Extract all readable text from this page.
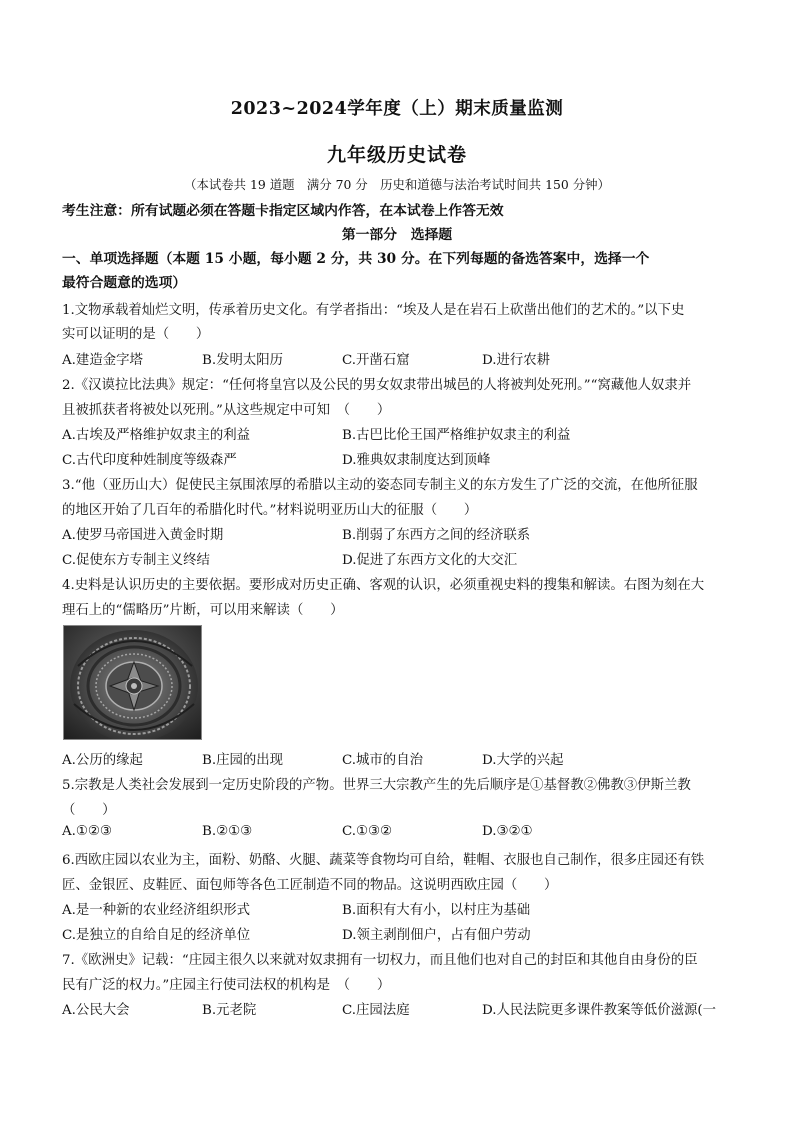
2023~2024学年度（上）期末质量监测
九年级历史试卷
（本试卷共 19 道题　满分 70 分　历史和道德与法治考试时间共 150 分钟）
考生注意：所有试题必须在答题卡指定区域内作答，在本试卷上作答无效
第一部分　选择题
一、单项选择题（本题 15 小题，每小题 2 分，共 30 分。在下列每题的备选答案中，选择一个
最符合题意的选项）
1.文物承载着灿烂文明，传承着历史文化。有学者指出：“埃及人是在岩石上砍凿出他们的艺术的。”以下史
实可以证明的是（　　）
A.建造金字塔	B.发明太阳历	C.开凿石窟	D.进行农耕
2.《汉谟拉比法典》规定：“任何将皇宫以及公民的男女奴隶带出城邑的人将被判处死刑。”“窝藏他人奴隶并
且被抓获者将被处以死刑。”从这些规定中可知　（　　）
A.古埃及严格维护奴隶主的利益	B.古巴比伦王国严格维护奴隶主的利益
C.古代印度种姓制度等级森严	D.雅典奴隶制度达到顶峰
3.“他（亚历山大）促使民主氛围浓厚的希腊以主动的姿态同专制主义的东方发生了广泛的交流，在他所征服
的地区开始了几百年的希腊化时代。”材料说明亚历山大的征服（　　）
A.使罗马帝国进入黄金时期	B.削弱了东西方之间的经济联系
C.促使东方专制主义终结	D.促进了东西方文化的大交汇
4.史料是认识历史的主要依据。要形成对历史正确、客观的认识，必须重视史料的搜集和解读。右图为刻在大
理石上的“儒略历”片断，可以用来解读（　　）
A.公历的缘起	B.庄园的出现	C.城市的自治	D.大学的兴起
5.宗教是人类社会发展到一定历史阶段的产物。世界三大宗教产生的先后顺序是①基督教②佛教③伊斯兰教
（　　）
A.①②③	B.②①③	C.①③②	D.③②①
6.西欧庄园以农业为主，面粉、奶酪、火腿、蔬菜等食物均可自给，鞋帽、衣服也自己制作，很多庄园还有铁
匠、金银匠、皮鞋匠、面包师等各色工匠制造不同的物品。这说明西欧庄园（　　）
A.是一种新的农业经济组织形式	B.面积有大有小，以村庄为基础
C.是独立的自给自足的经济单位	D.领主剥削佃户，占有佃户劳动
7.《欧洲史》记载：“庄园主很久以来就对奴隶拥有一切权力，而且他们也对自己的封臣和其他自由身份的臣
民有广泛的权力。”庄园主行使司法权的机构是　（　　）
A.公民大会	B.元老院	C.庄园法庭	D.人民法院更多课件教案等低价滋源(一
